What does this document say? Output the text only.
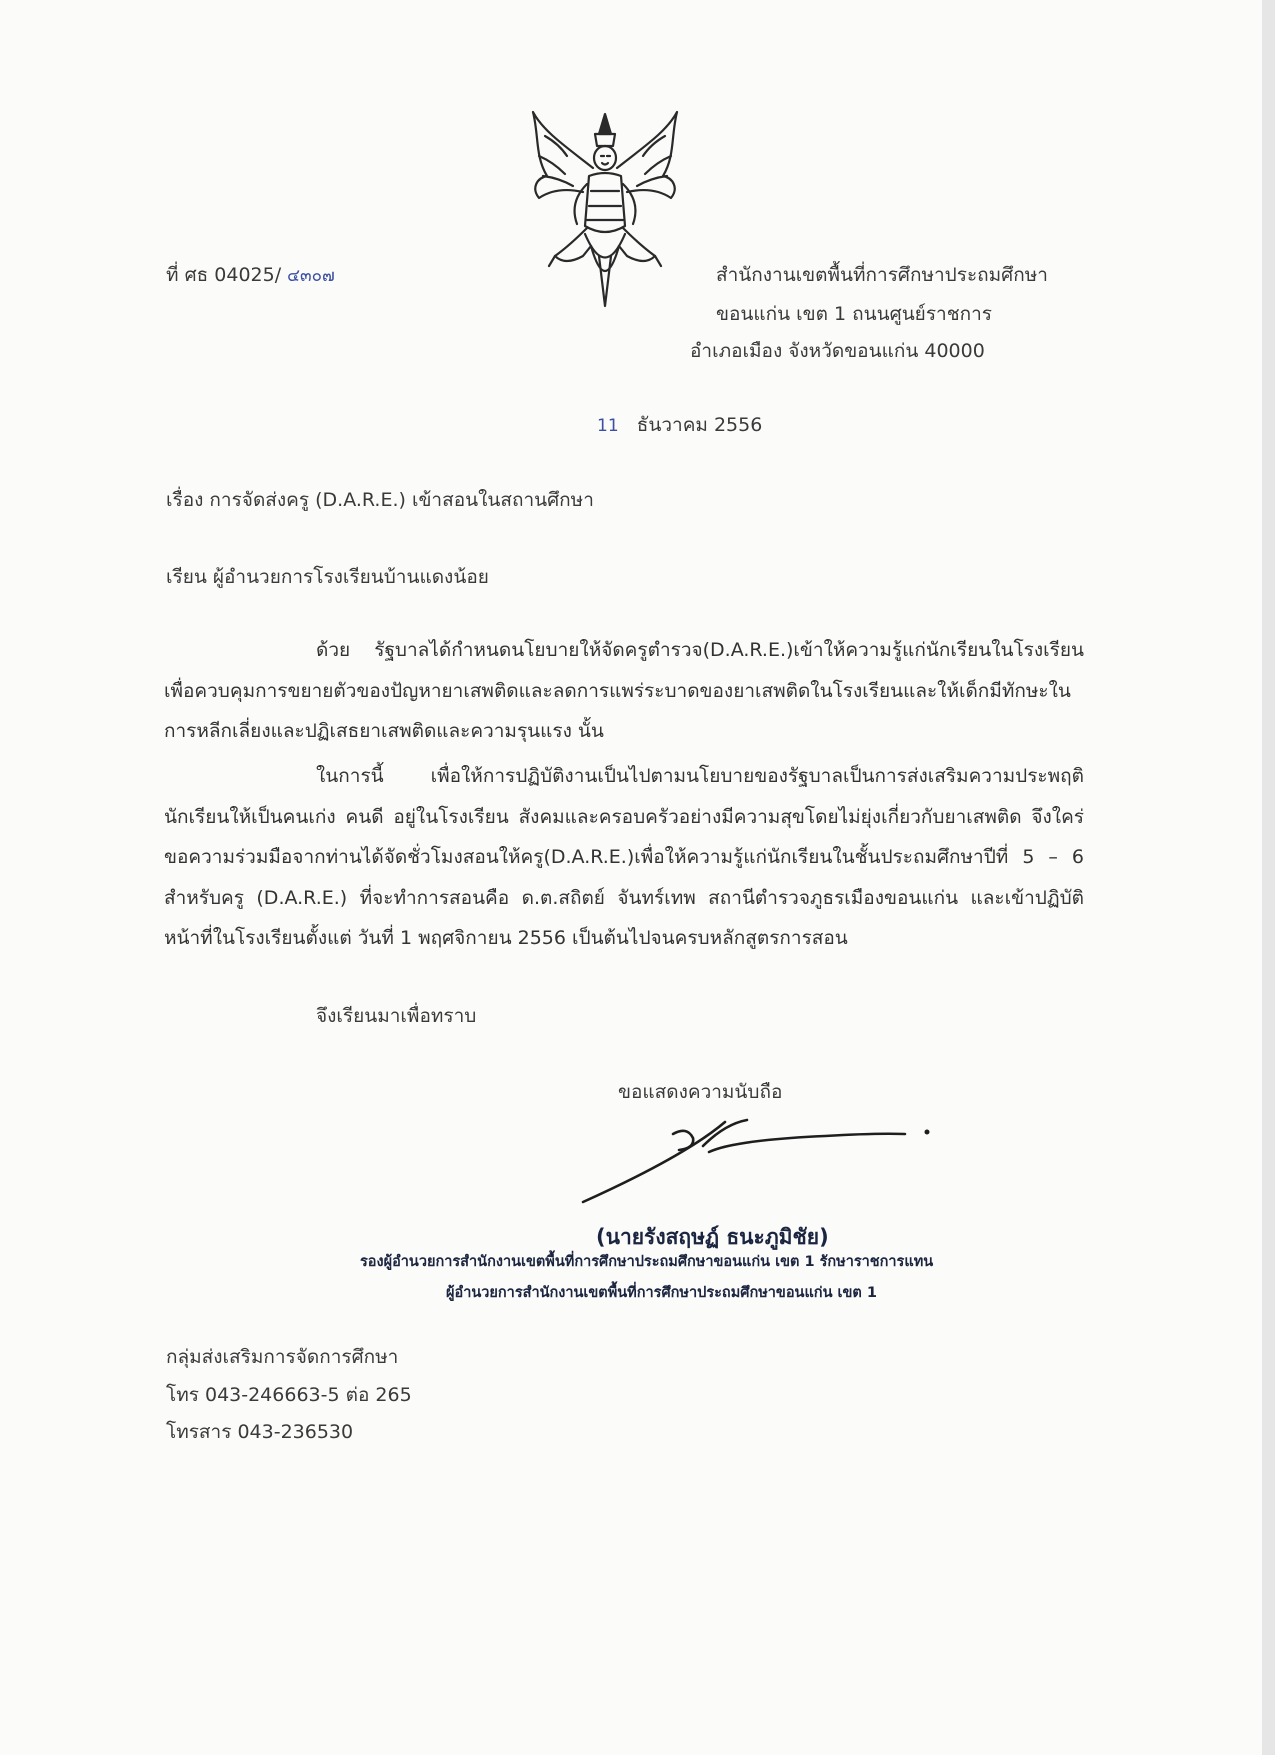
ที่ ศธ 04025/ ๔๓๐๗	สำนักงานเขตพื้นที่การศึกษาประถมศึกษา
ขอนแก่น เขต 1 ถนนศูนย์ราชการ
อำเภอเมือง จังหวัดขอนแก่น 40000
11 ธันวาคม 2556
เรื่อง การจัดส่งครู (D.A.R.E.) เข้าสอนในสถานศึกษา
เรียน ผู้อำนวยการโรงเรียนบ้านแดงน้อย
ด้วย รัฐบาลได้กำหนดนโยบายให้จัดครูตำรวจ(D.A.R.E.)เข้าให้ความรู้แก่นักเรียนในโรงเรียนเพื่อควบคุมการขยายตัวของปัญหายาเสพติดและลดการแพร่ระบาดของยาเสพติดในโรงเรียนและให้เด็กมีทักษะในการหลีกเลี่ยงและปฏิเสธยาเสพติดและความรุนแรง นั้น
ในการนี้ เพื่อให้การปฏิบัติงานเป็นไปตามนโยบายของรัฐบาลเป็นการส่งเสริมความประพฤตินักเรียนให้เป็นคนเก่ง คนดี อยู่ในโรงเรียน สังคมและครอบครัวอย่างมีความสุขโดยไม่ยุ่งเกี่ยวกับยาเสพติด จึงใคร่ขอความร่วมมือจากท่านได้จัดชั่วโมงสอนให้ครู(D.A.R.E.)เพื่อให้ความรู้แก่นักเรียนในชั้นประถมศึกษาปีที่ 5 – 6 สำหรับครู (D.A.R.E.) ที่จะทำการสอนคือ ด.ต.สถิตย์ จันทร์เทพ สถานีตำรวจภูธรเมืองขอนแก่น และเข้าปฏิบัติหน้าที่ในโรงเรียนตั้งแต่ วันที่ 1 พฤศจิกายน 2556 เป็นต้นไปจนครบหลักสูตรการสอน
จึงเรียนมาเพื่อทราบ
ขอแสดงความนับถือ
(นายรังสฤษฏ์ ธนะภูมิชัย)
รองผู้อำนวยการสำนักงานเขตพื้นที่การศึกษาประถมศึกษาขอนแก่น เขต 1 รักษาราชการแทน
ผู้อำนวยการสำนักงานเขตพื้นที่การศึกษาประถมศึกษาขอนแก่น เขต 1
กลุ่มส่งเสริมการจัดการศึกษา
โทร 043-246663-5 ต่อ 265
โทรสาร 043-236530
